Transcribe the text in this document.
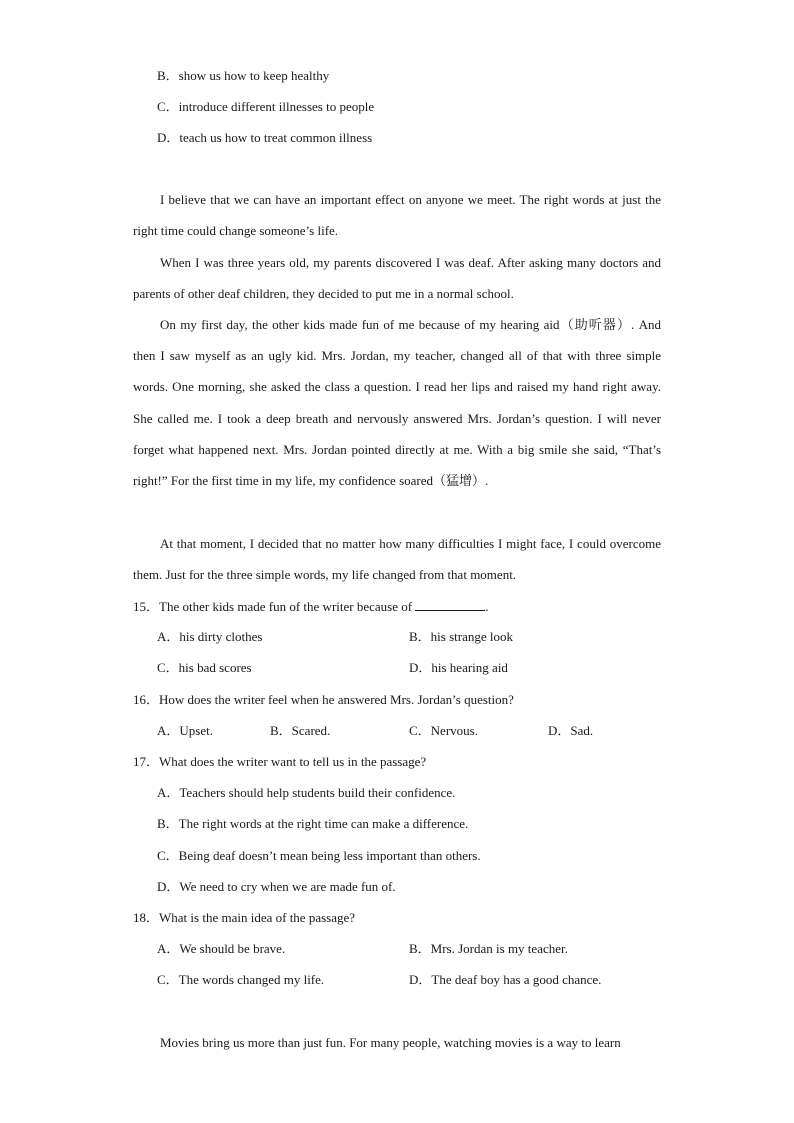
B．show us how to keep healthy
C．introduce different illnesses to people
D．teach us how to treat common illness
I believe that we can have an important effect on anyone we meet. The right words at just the right time could change someone’s life.
When I was three years old, my parents discovered I was deaf. After asking many doctors and parents of other deaf children, they decided to put me in a normal school.
On my first day, the other kids made fun of me because of my hearing aid（助听器）. And then I saw myself as an ugly kid. Mrs. Jordan, my teacher, changed all of that with three simple words. One morning, she asked the class a question. I read her lips and raised my hand right away. She called me. I took a deep breath and nervously answered Mrs. Jordan’s question. I will never forget what happened next. Mrs. Jordan pointed directly at me. With a big smile she said, “That’s right!” For the first time in my life, my confidence soared（猛增）.
At that moment, I decided that no matter how many difficulties I might face, I could overcome them. Just for the three simple words, my life changed from that moment.
15．The other kids made fun of the writer because of	.
A．his dirty clothes	B．his strange look
C．his bad scores	D．his hearing aid
16．How does the writer feel when he answered Mrs. Jordan’s question?
A．Upset.	B．Scared.	C．Nervous.	D．Sad.
17．What does the writer want to tell us in the passage?
A．Teachers should help students build their confidence.
B．The right words at the right time can make a difference.
C．Being deaf doesn’t mean being less important than others.
D．We need to cry when we are made fun of.
18．What is the main idea of the passage?
A．We should be brave.	B．Mrs. Jordan is my teacher.
C．The words changed my life.	D．The deaf boy has a good chance.
Movies bring us more than just fun. For many people, watching movies is a way to learn
